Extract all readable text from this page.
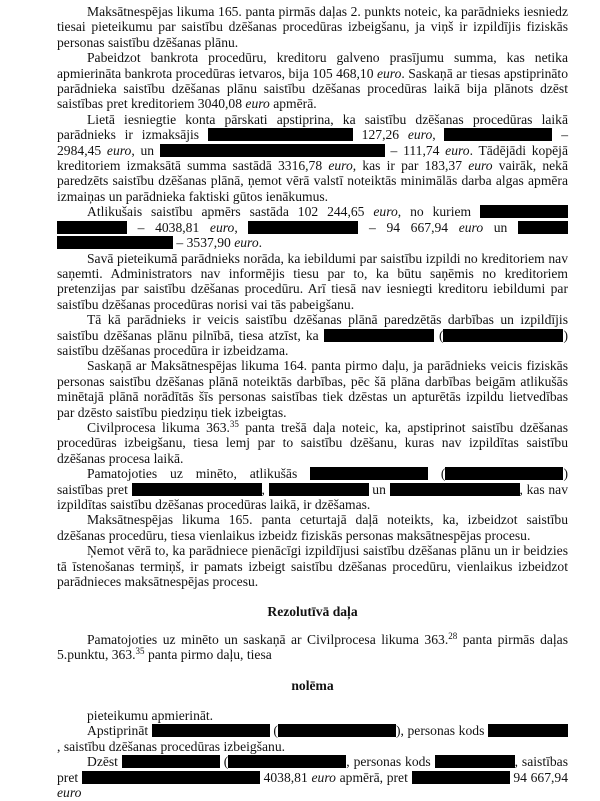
Maksātnespējas likuma 165. panta pirmās daļas 2. punkts noteic, ka parādnieks iesniedz tiesai pieteikumu par saistību dzēšanas procedūras izbeigšanu, ja viņš ir izpildījis fiziskās personas saistību dzēšanas plānu.

Pabeidzot bankrota procedūru, kreditoru galveno prasījumu summa, kas netika apmierināta bankrota procedūras ietvaros, bija 105 468,10 euro. Saskaņā ar tiesas apstiprināto parādnieka saistību dzēšanas plānu saistību dzēšanas procedūras laikā bija plānots dzēst saistības pret kreditoriem 3040,08 euro apmērā.

Lietā iesniegtie konta pārskati apstiprina, ka saistību dzēšanas procedūras laikā parādnieks ir izmaksājis	127,26 euro,	– 2984,45 euro, un	– 111,74 euro. Tādējādi kopējā kreditoriem izmaksātā summa sastādā 3316,78 euro, kas ir par 183,37 euro vairāk, nekā paredzēts saistību dzēšanas plānā, ņemot vērā valstī noteiktās minimālās darba algas apmēra izmaiņas un parādnieka faktiski gūtos ienākumus.

Atlikušais saistību apmērs sastāda 102 244,65 euro, no kuriem   – 4038,81 euro,	– 94 667,94 euro un   – 3537,90 euro.

Savā pieteikumā parādnieks norāda, ka iebildumi par saistību izpildi no kreditoriem nav saņemti. Administrators nav informējis tiesu par to, ka būtu saņēmis no kreditoriem pretenzijas par saistību dzēšanas procedūru. Arī tiesā nav iesniegti kreditoru iebildumi par saistību dzēšanas procedūras norisi vai tās pabeigšanu.

Tā kā parādnieks ir veicis saistību dzēšanas plānā paredzētās darbības un izpildījis saistību dzēšanas plānu pilnībā, tiesa atzīst, ka	(	) saistību dzēšanas procedūra ir izbeidzama.

Saskaņā ar Maksātnespējas likuma 164. panta pirmo daļu, ja parādnieks veicis fiziskās personas saistību dzēšanas plānā noteiktās darbības, pēc šā plāna darbības beigām atlikušās minētajā plānā norādītās šīs personas saistības tiek dzēstas un apturētās izpildu lietvedības par dzēsto saistību piedziņu tiek izbeigtas.

Civilprocesa likuma 363.35 panta trešā daļa noteic, ka, apstiprinot saistību dzēšanas procedūras izbeigšanu, tiesa lemj par to saistību dzēšanu, kuras nav izpildītas saistību dzēšanas procesa laikā.

Pamatojoties uz minēto, atlikušās	(	) saistības pret	,	un	, kas nav izpildītas saistību dzēšanas procedūras laikā, ir dzēšamas.

Maksātnespējas likuma 165. panta ceturtajā daļā noteikts, ka, izbeidzot saistību dzēšanas procedūru, tiesa vienlaikus izbeidz fiziskās personas maksātnespējas procesu.

Ņemot vērā to, ka parādniece pienācīgi izpildījusi saistību dzēšanas plānu un ir beidzies tā īstenošanas termiņš, ir pamats izbeigt saistību dzēšanas procedūru, vienlaikus izbeidzot parādnieces maksātnespējas procesu.

Rezolutīvā daļa

Pamatojoties uz minēto un saskaņā ar Civilprocesa likuma 363.28 panta pirmās daļas 5.punktu, 363.35 panta pirmo daļu, tiesa

nolēma

pieteikumu apmierināt.

Apstiprināt	(	), personas kods , saistību dzēšanas procedūras izbeigšanu.

Dzēst	(	, personas kods	, saistības pret	4038,81 euro apmērā, pret	94 667,94 euro
